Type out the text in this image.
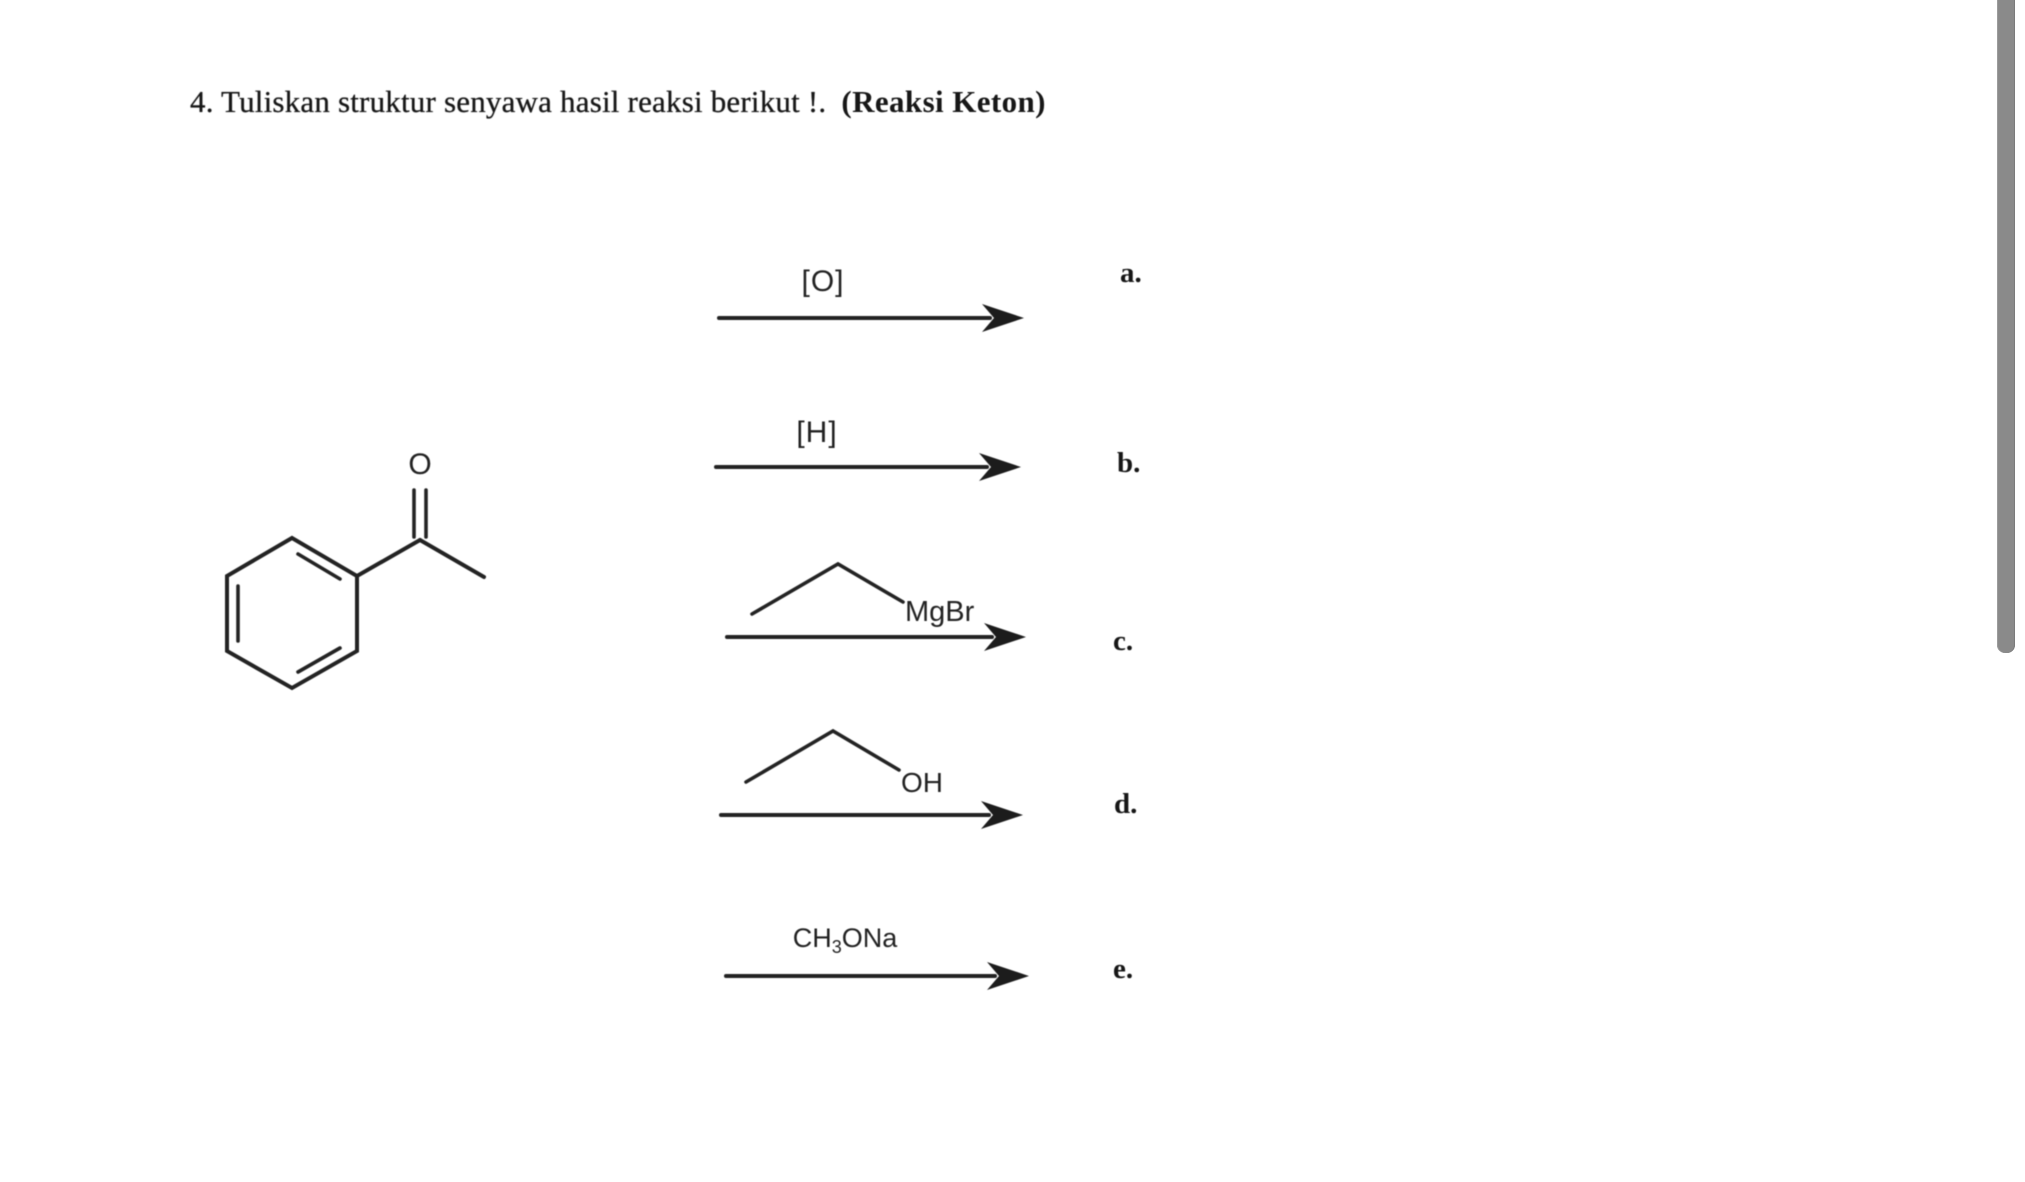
4. Tuliskan struktur senyawa hasil reaksi berikut !. (Reaksi Keton)
O
[O]
[H]
MgBr
OH
$CH_3ONa$
a.
b.
c.
d.
e.
